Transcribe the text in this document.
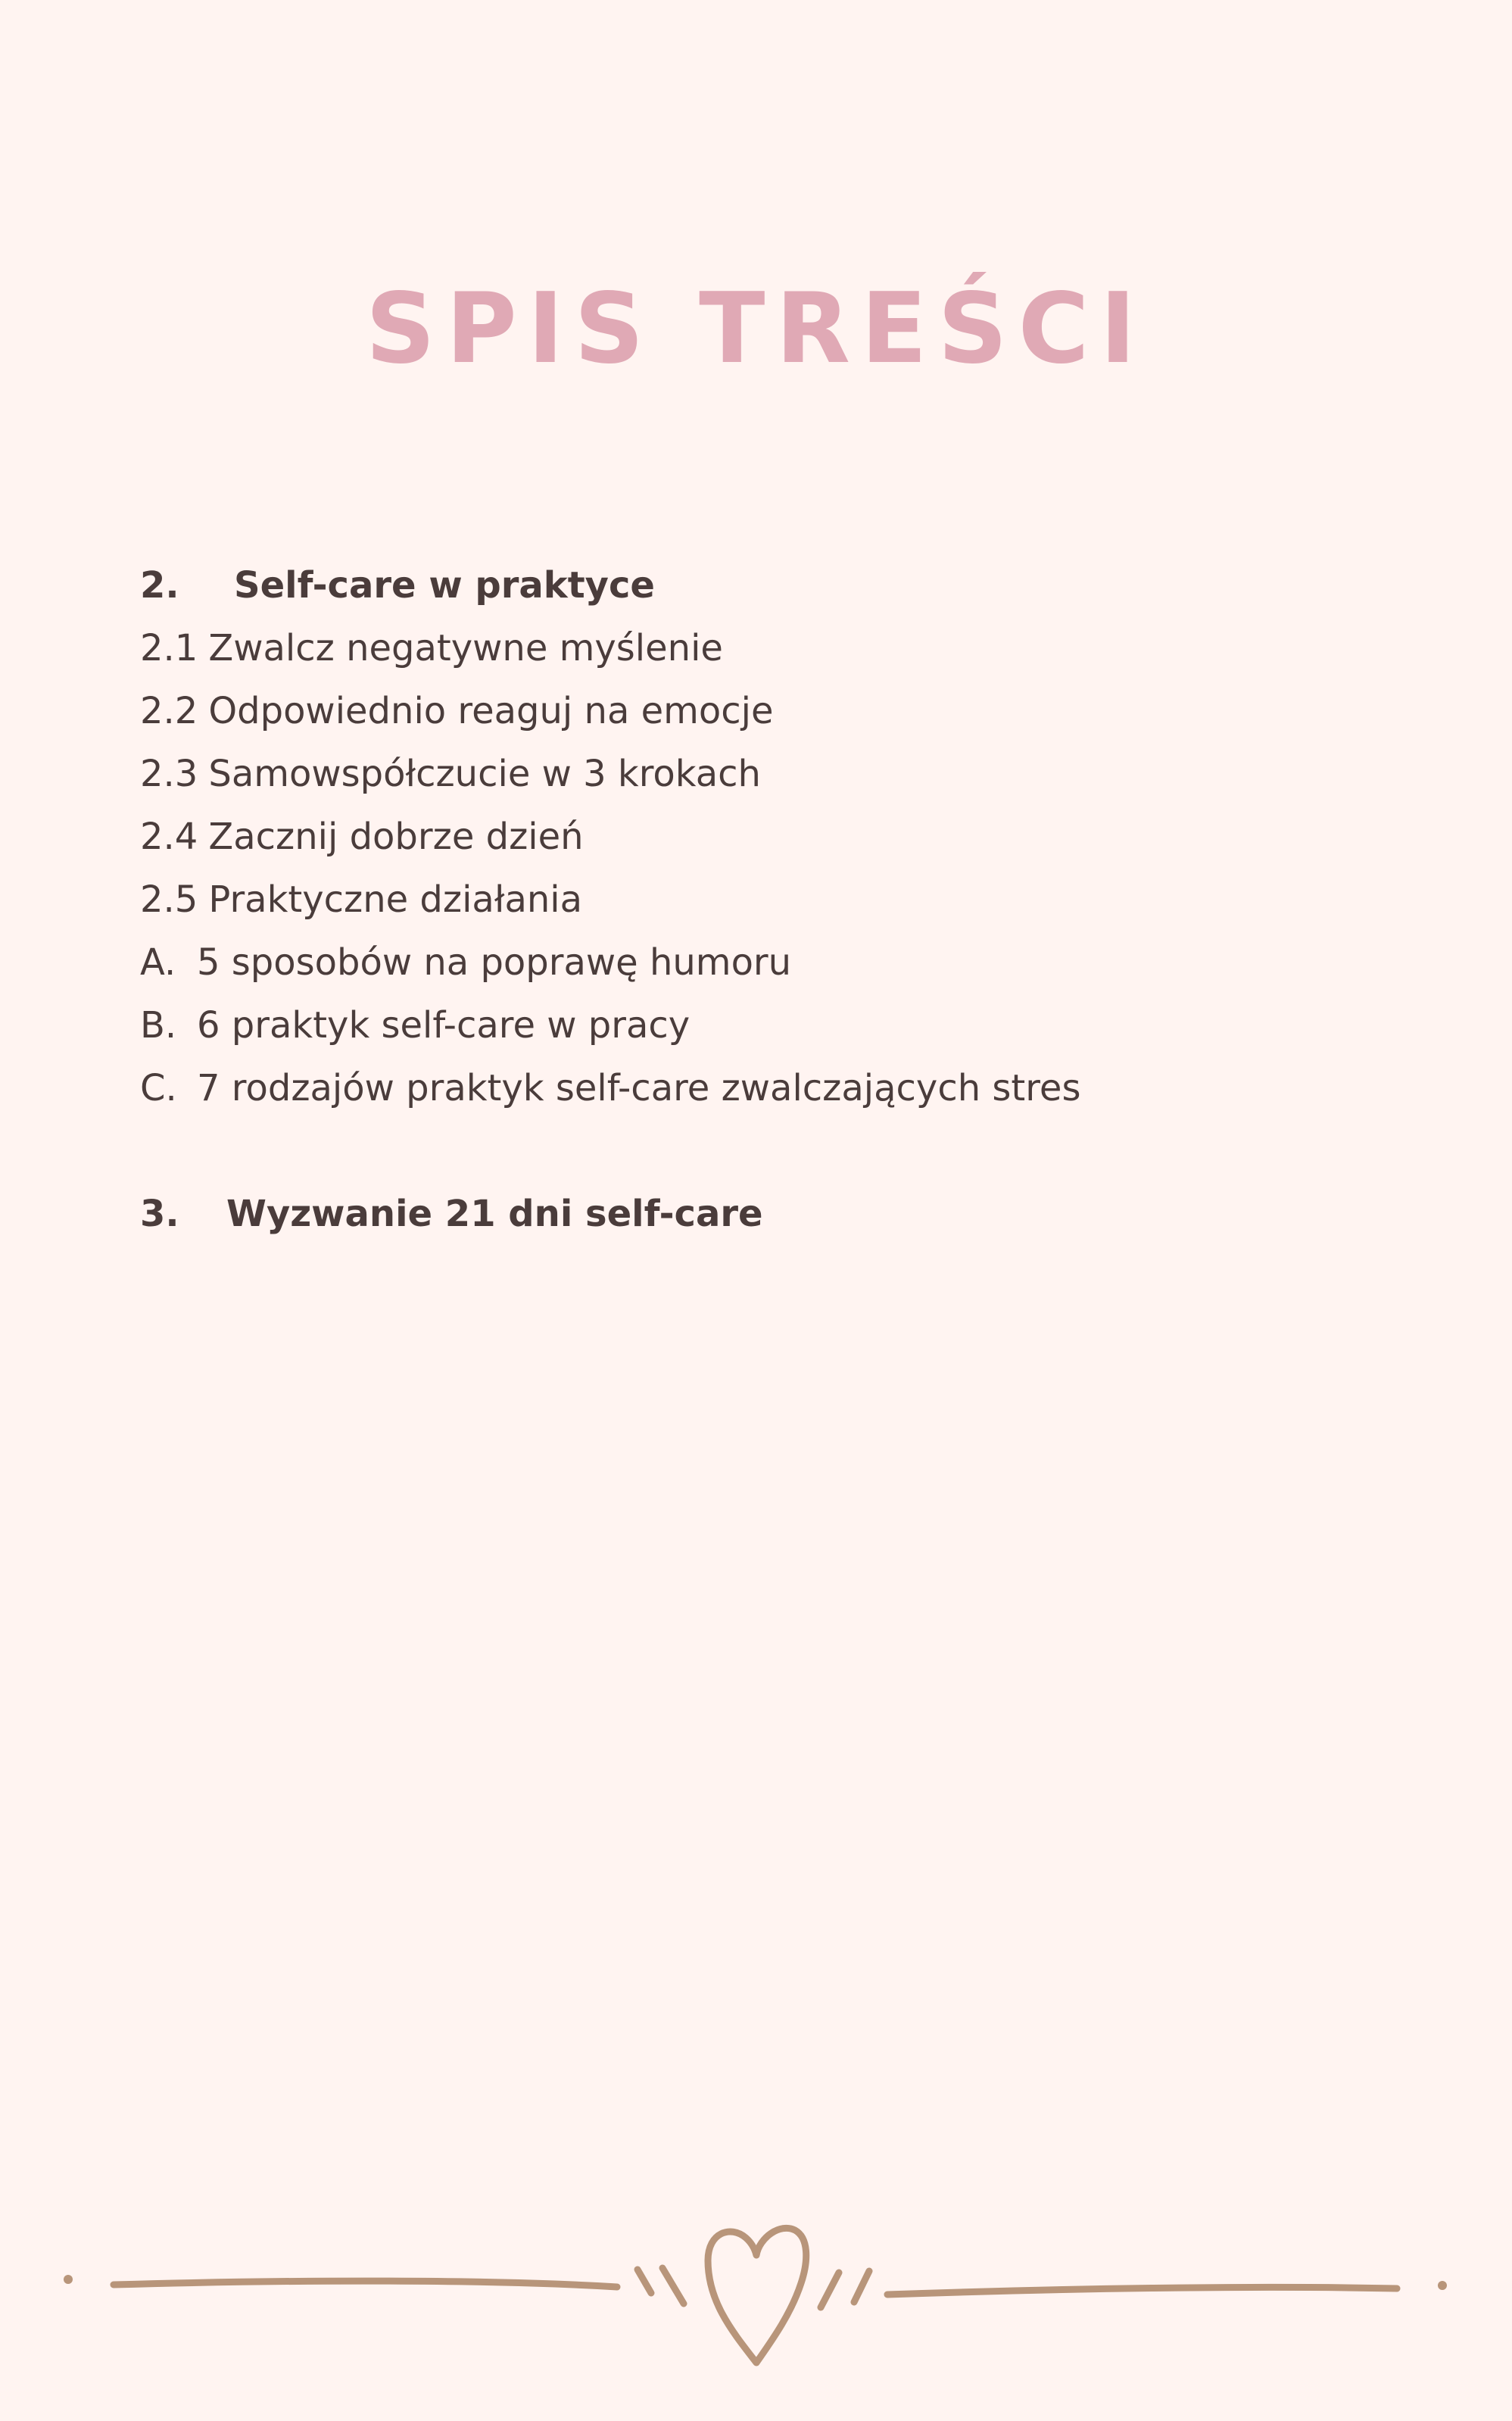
SPIS TREŚCI
2. Self-care w praktyce
2.1 Zwalcz negatywne myślenie
2.2 Odpowiednio reaguj na emocje
2.3 Samowspółczucie w 3 krokach
2.4 Zacznij dobrze dzień
2.5 Praktyczne działania
A. 5 sposobów na poprawę humoru
B. 6 praktyk self-care w pracy
C. 7 rodzajów praktyk self-care zwalczających stres
3. Wyzwanie 21 dni self-care
